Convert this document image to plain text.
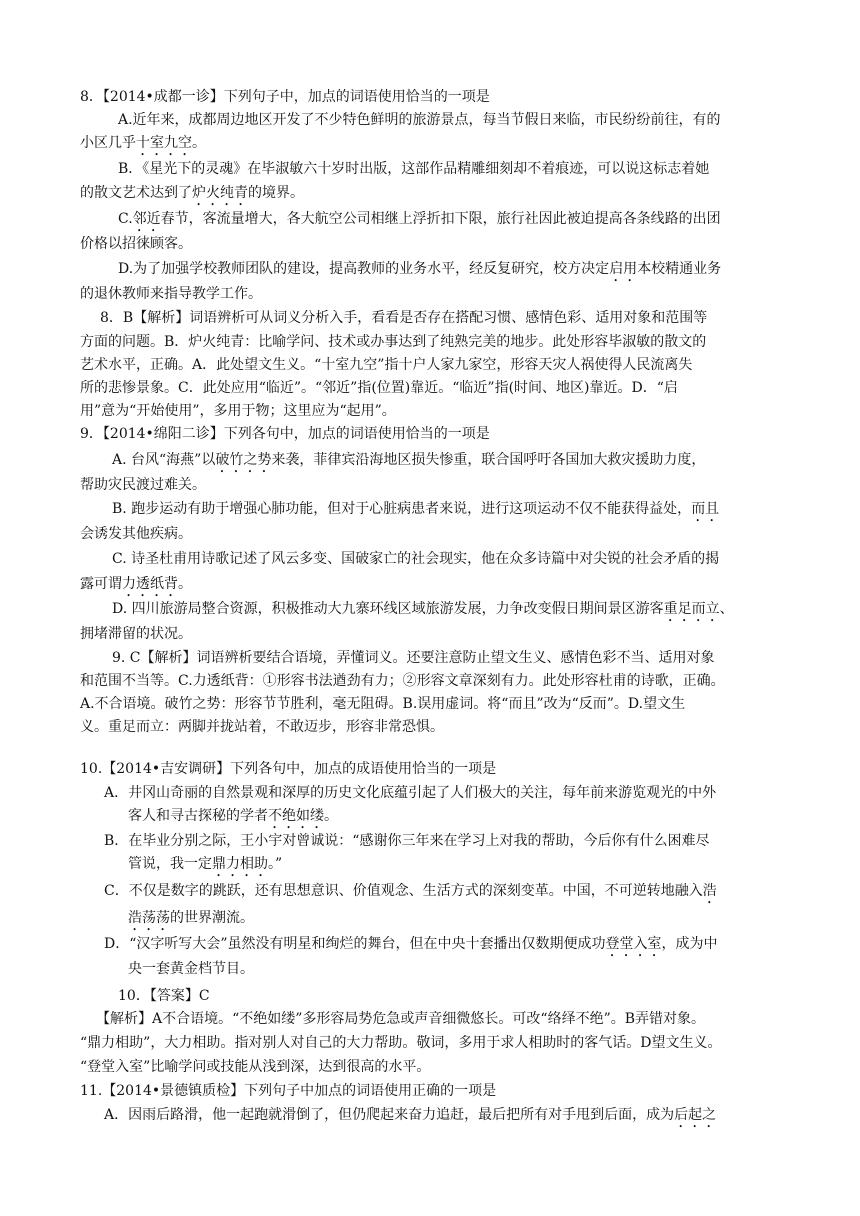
8．【2014•成都一诊】下列句子中，加点的词语使用恰当的一项是
A.近年来，成都周边地区开发了不少特色鲜明的旅游景点，每当节假日来临，市民纷纷前往，有的
小区几乎十室九空。
B．《星光下的灵魂》在毕淑敏六十岁时出版，这部作品精雕细刻却不着痕迹，可以说这标志着她
的散文艺术达到了炉火纯青的境界。
C.邻近春节，客流量增大，各大航空公司相继上浮折扣下限，旅行社因此被迫提高各条线路的出团
价格以招徕顾客。
D.为了加强学校教师团队的建设，提高教师的业务水平，经反复研究，校方决定启用本校精通业务
的退休教师来指导教学工作。
8．B【解析】词语辨析可从词义分析入手，看看是否存在搭配习惯、感情色彩、适用对象和范围等
方面的问题。B．炉火纯青：比喻学问、技术或办事达到了纯熟完美的地步。此处形容毕淑敏的散文的
艺术水平，正确。A．此处望文生义。“十室九空”指十户人家九家空，形容天灾人祸使得人民流离失
所的悲惨景象。C．此处应用“临近”。“邻近”指(位置)靠近。“临近”指(时间、地区)靠近。D．“启
用”意为“开始使用”，多用于物；这里应为“起用”。
9．【2014•绵阳二诊】下列各句中，加点的词语使用恰当的一项是
A. 台风“海燕”以破竹之势来袭，菲律宾沿海地区损失惨重，联合国呼吁各国加大救灾援助力度，
帮助灾民渡过难关。
B. 跑步运动有助于增强心肺功能，但对于心脏病患者来说，进行这项运动不仅不能获得益处，而且
会诱发其他疾病。
C. 诗圣杜甫用诗歌记述了风云多变、国破家亡的社会现实，他在众多诗篇中对尖锐的社会矛盾的揭
露可谓力透纸背。
D. 四川旅游局整合资源，积极推动大九寨环线区域旅游发展，力争改变假日期间景区游客重足而立、
拥堵滞留的状况。
9. C【解析】词语辨析要结合语境，弄懂词义。还要注意防止望文生义、感情色彩不当、适用对象
和范围不当等。C.力透纸背：①形容书法遒劲有力；②形容文章深刻有力。此处形容杜甫的诗歌，正确。
A.不合语境。破竹之势：形容节节胜利，毫无阻碍。B.误用虚词。将“而且”改为“反而”。D.望文生
义。重足而立：两脚并拢站着，不敢迈步，形容非常恐惧。
10.【2014•吉安调研】下列各句中，加点的成语使用恰当的一项是
A．井冈山奇丽的自然景观和深厚的历史文化底蕴引起了人们极大的关注，每年前来游览观光的中外
客人和寻古探秘的学者不绝如缕。
B．在毕业分别之际，王小宇对曾诚说：“感谢你三年来在学习上对我的帮助，今后你有什么困难尽
管说，我一定鼎力相助。”
C．不仅是数字的跳跃，还有思想意识、价值观念、生活方式的深刻变革。中国，不可逆转地融入浩
浩荡荡的世界潮流。
D．“汉字听写大会”虽然没有明星和绚烂的舞台，但在中央十套播出仅数期便成功登堂入室，成为中
央一套黄金档节目。
10．【答案】C
【解析】A不合语境。“不绝如缕”多形容局势危急或声音细微悠长。可改“络绎不绝”。B弄错对象。
“鼎力相助”，大力相助。指对别人对自己的大力帮助。敬词，多用于求人相助时的客气话。D望文生义。
“登堂入室”比喻学问或技能从浅到深，达到很高的水平。
11.【2014•景德镇质检】下列句子中加点的词语使用正确的一项是
A．因雨后路滑，他一起跑就滑倒了，但仍爬起来奋力追赶，最后把所有对手甩到后面，成为后起之
